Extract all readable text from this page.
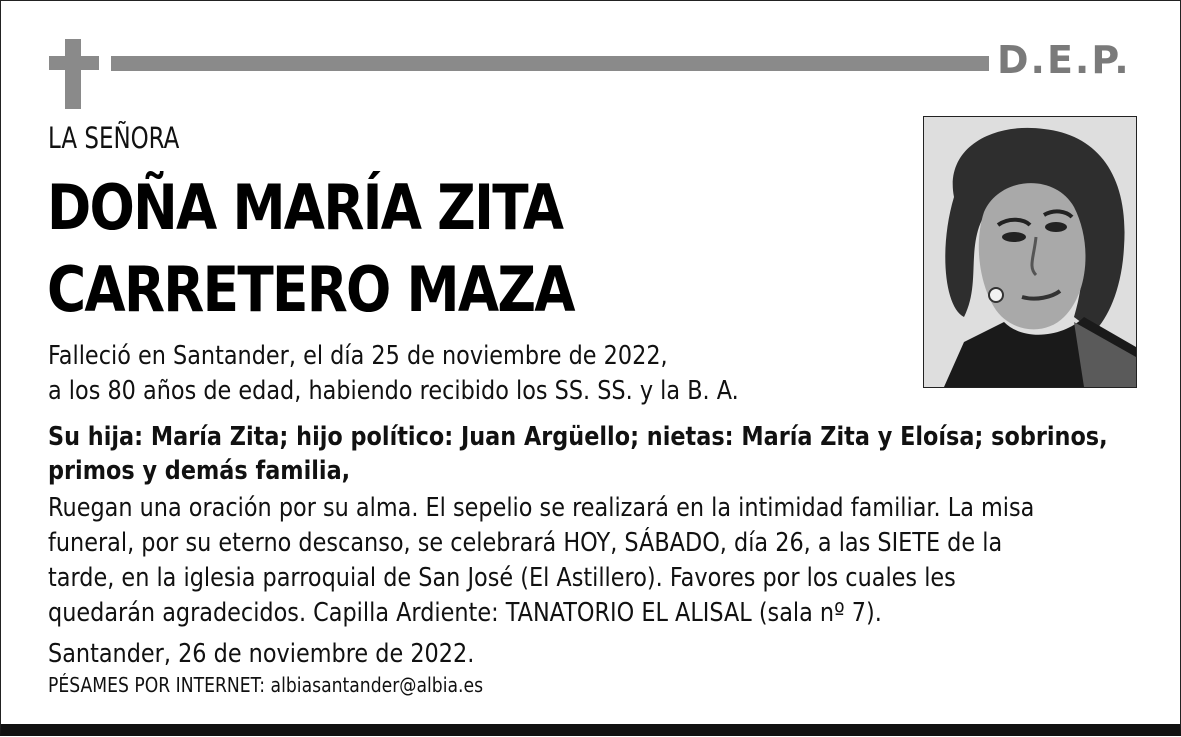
D.E.P.
LA SEÑORA
DOÑA MARÍA ZITA
CARRETERO MAZA
Falleció en Santander, el día 25 de noviembre de 2022,
a los 80 años de edad, habiendo recibido los SS. SS. y la B. A.
Su hija: María Zita; hijo político: Juan Argüello; nietas: María Zita y Eloísa; sobrinos,
primos y demás familia,
Ruegan una oración por su alma. El sepelio se realizará en la intimidad familiar. La misa
funeral, por su eterno descanso, se celebrará HOY, SÁBADO, día 26, a las SIETE de la
tarde, en la iglesia parroquial de San José (El Astillero). Favores por los cuales les
quedarán agradecidos. Capilla Ardiente: TANATORIO EL ALISAL (sala nº 7).
Santander, 26 de noviembre de 2022.
PÉSAMES POR INTERNET: albiasantander@albia.es
